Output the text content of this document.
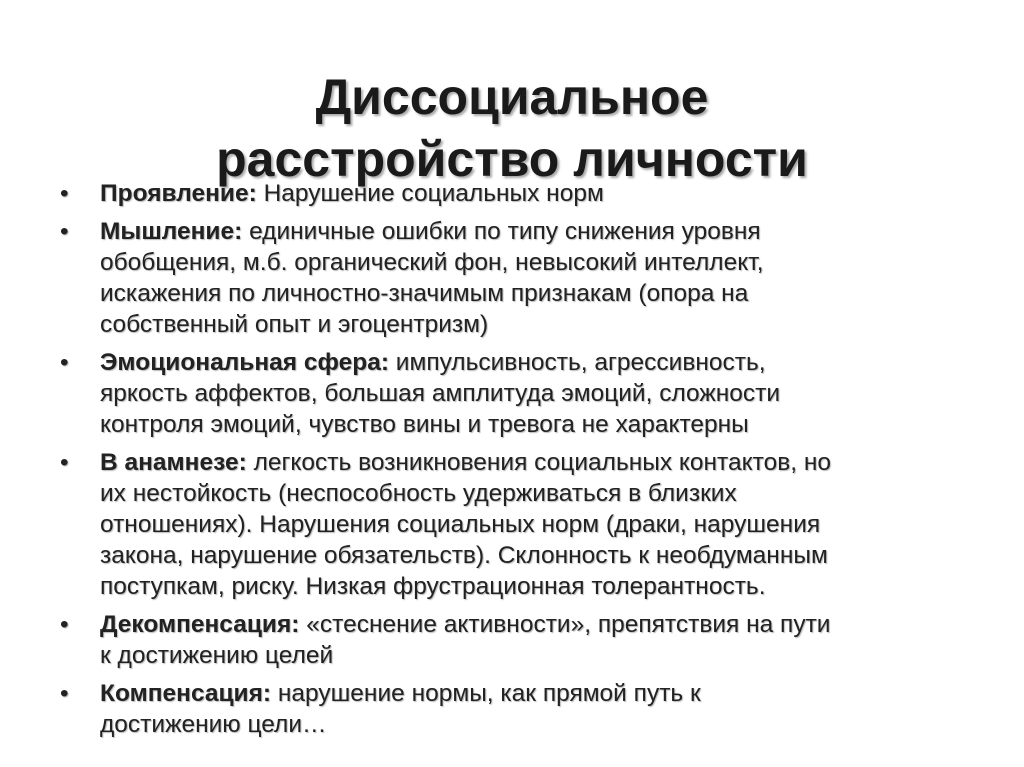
Диссоциальное
расстройство личности
•	Проявление: Нарушение социальных норм
•	Мышление: единичные ошибки по типу снижения уровня
обобщения, м.б. органический фон, невысокий интеллект,
искажения по личностно-значимым признакам (опора на
собственный опыт и эгоцентризм)
•	Эмоциональная сфера: импульсивность, агрессивность,
яркость аффектов, большая амплитуда эмоций, сложности
контроля эмоций, чувство вины и тревога не характерны
•	В анамнезе: легкость возникновения социальных контактов, но
их нестойкость (неспособность удерживаться в близких
отношениях). Нарушения социальных норм (драки, нарушения
закона, нарушение обязательств). Склонность к необдуманным
поступкам, риску. Низкая фрустрационная толерантность.
•	Декомпенсация: «стеснение активности», препятствия на пути
к достижению целей
•	Компенсация: нарушение нормы, как прямой путь к
достижению цели…
